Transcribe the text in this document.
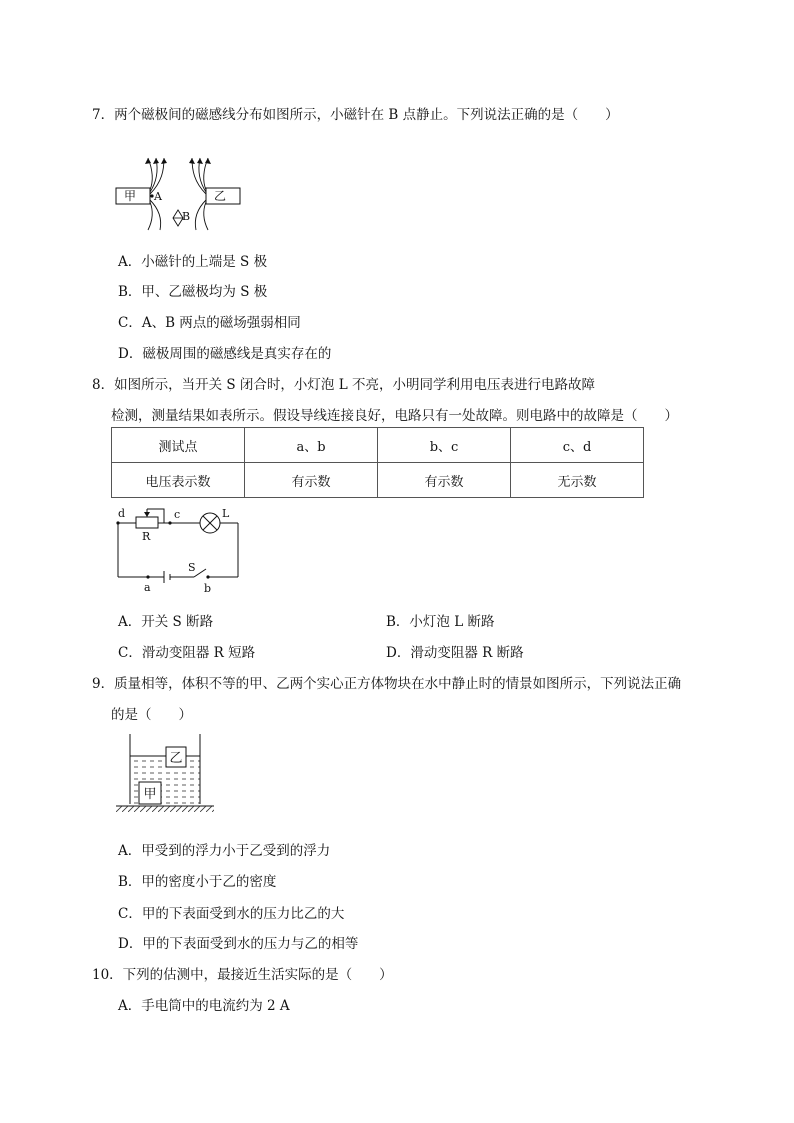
7．两个磁极间的磁感线分布如图所示，小磁针在 B 点静止。下列说法正确的是（　　）
甲	乙
A
B
A．小磁针的上端是 S 极
B．甲、乙磁极均为 S 极
C．A、B 两点的磁场强弱相同
D．磁极周围的磁感线是真实存在的
8．如图所示，当开关 S 闭合时，小灯泡 L 不亮，小明同学利用电压表进行电路故障
检测，测量结果如表所示。假设导线连接良好，电路只有一处故障。则电路中的故障是（　　）
测试点	a、b	b、c	c、d
电压表示数	有示数	有示数	无示数
d	c	L
R
S
a	b
A．开关 S 断路	B．小灯泡 L 断路
C．滑动变阻器 R 短路	D．滑动变阻器 R 断路
9．质量相等，体积不等的甲、乙两个实心正方体物块在水中静止时的情景如图所示，下列说法正确
的是（　　）
乙
甲
A．甲受到的浮力小于乙受到的浮力
B．甲的密度小于乙的密度
C．甲的下表面受到水的压力比乙的大
D．甲的下表面受到水的压力与乙的相等
10．下列的估测中，最接近生活实际的是（　　）
A．手电筒中的电流约为 2 A
